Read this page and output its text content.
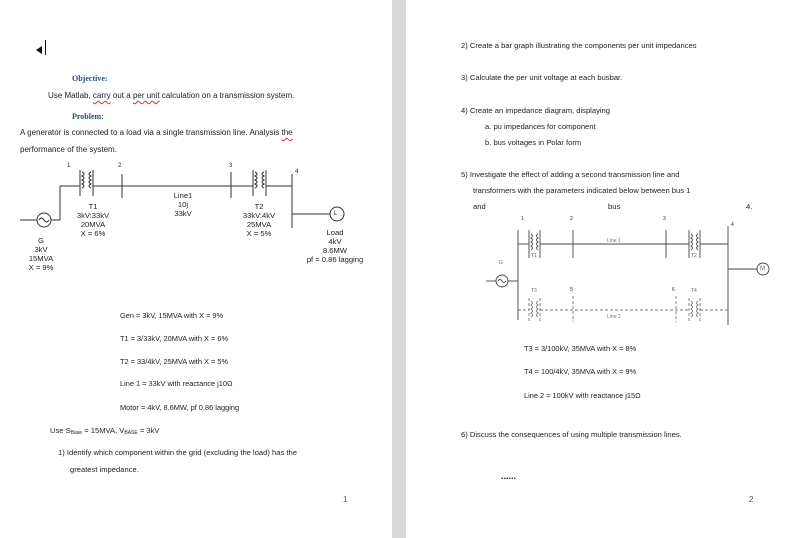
Objective:
Use Matlab, carry out a per unit calculation on a transmission system.
Problem:
A generator is connected to a load via a single transmission line. Analysis the
performance of the system.
1	2	3
4
T1
3kV:33kV
20MVA
X = 6%
Line1
10j
33kV
T2
33kV:4kV
25MVA
X = 5%
G
3kV
15MVA
X = 9%
L
Load
4kV
8.6MW
pf = 0.86 lagging
Gen = 3kV, 15MVA with X = 9%
T1 = 3/33kV, 20MVA with X = 6%
T2 = 33/4kV, 25MVA with X = 5%
Line 1 = 33kV with reactance j10Ω
Motor = 4kV, 8.6MW, pf 0.86 lagging
Use $S_{Base} = 15MVA$, $V_{BASE} = 3kV$
1) Identify which component within the grid (excluding the load) has the
greatest impedance.
1
2) Create a bar graph illustrating the components per unit impedances
3) Calculate the per unit voltage at each busbar.
4) Create an impedance diagram, displaying
a. pu impedances for component
b. bus voltages in Polar form
5) Investigate the effect of adding a second transmission line and
transformers with the parameters indicated below between bus 1
and	bus	4.
1	2	3
4
5	6
T1	T2
T3	T4
Line 1
Line 2
G
M
T3 = 3/100kV, 35MVA with X = 8%
T4 = 100/4kV, 35MVA with X = 9%
Line 2 = 100kV with reactance j15Ω
6) Discuss the consequences of using multiple transmission lines.
......
2
